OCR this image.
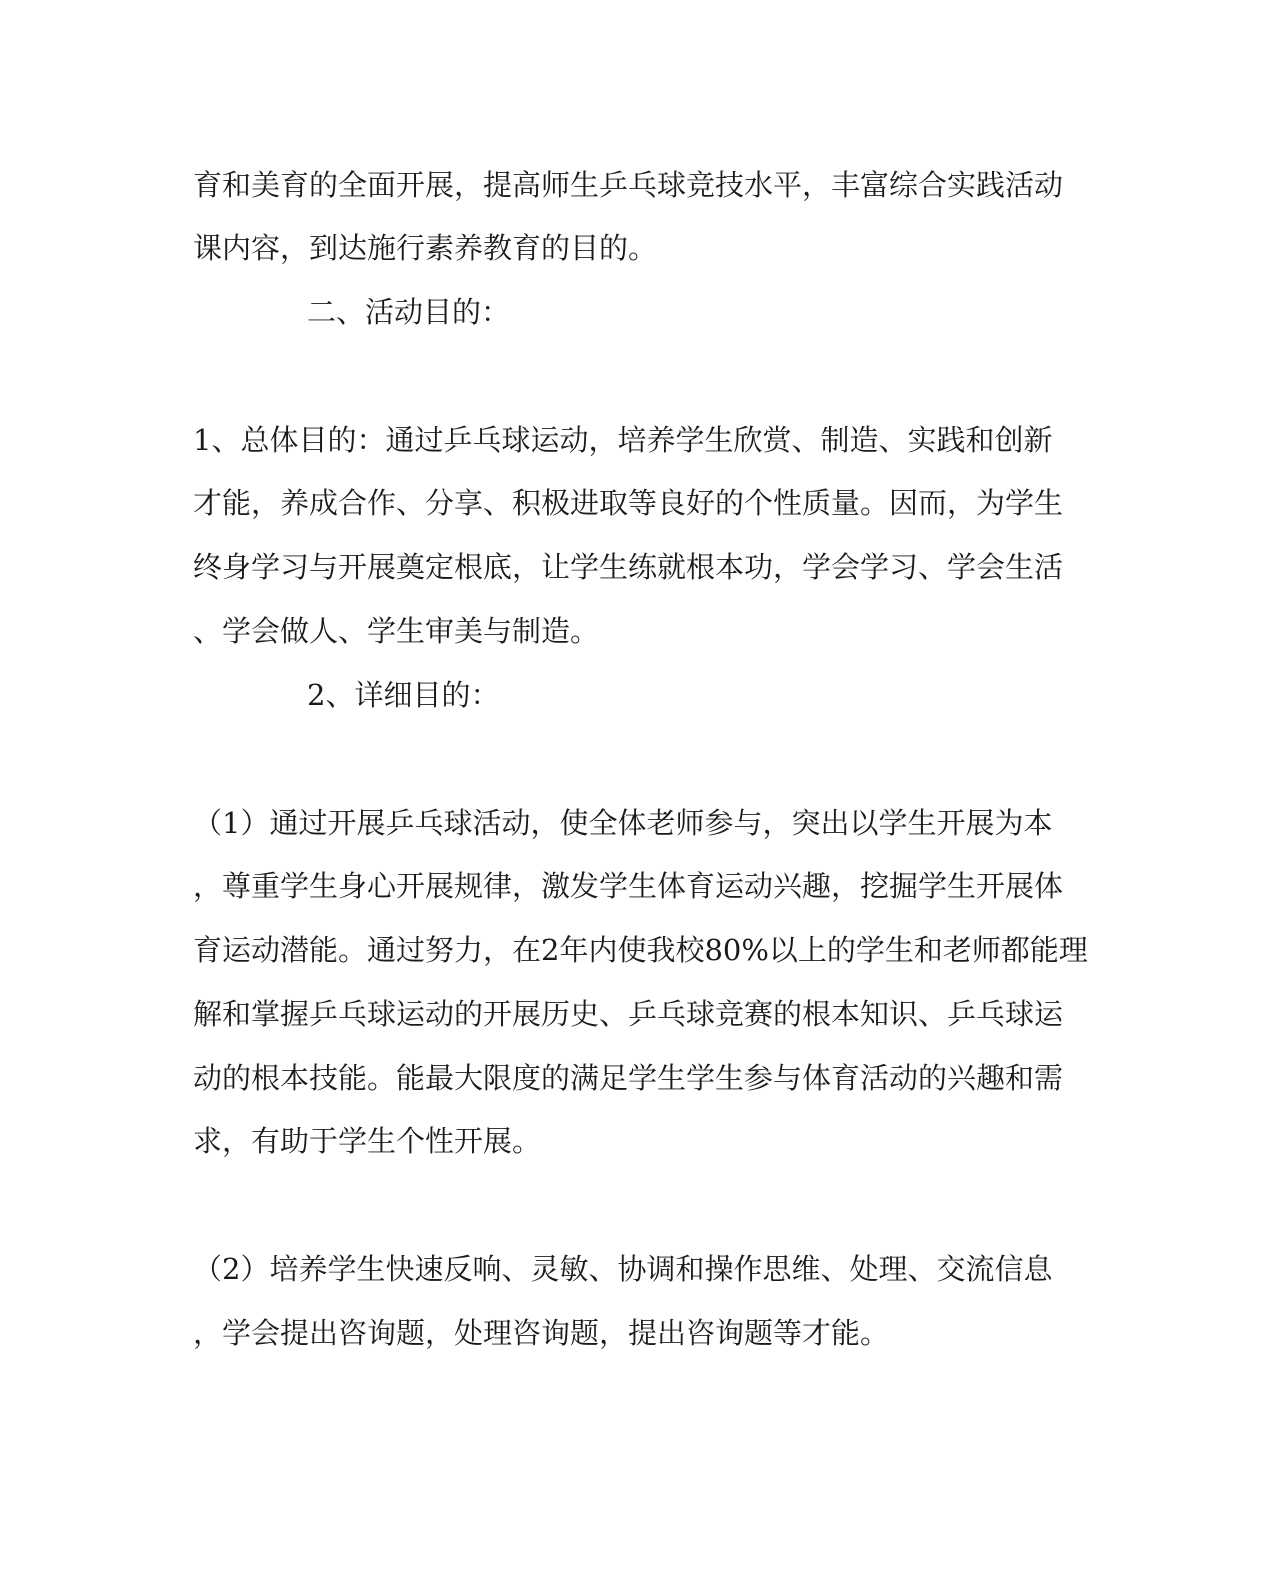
育和美育的全面开展，提高师生乒乓球竞技水平，丰富综合实践活动
课内容，到达施行素养教育的目的。
二、活动目的：
1、总体目的：通过乒乓球运动，培养学生欣赏、制造、实践和创新
才能，养成合作、分享、积极进取等良好的个性质量。因而，为学生
终身学习与开展奠定根底，让学生练就根本功，学会学习、学会生活
、学会做人、学生审美与制造。
2、详细目的：
（1）通过开展乒乓球活动，使全体老师参与，突出以学生开展为本
，尊重学生身心开展规律，激发学生体育运动兴趣，挖掘学生开展体
育运动潜能。通过努力，在2年内使我校80%以上的学生和老师都能理
解和掌握乒乓球运动的开展历史、乒乓球竞赛的根本知识、乒乓球运
动的根本技能。能最大限度的满足学生学生参与体育活动的兴趣和需
求，有助于学生个性开展。
（2）培养学生快速反响、灵敏、协调和操作思维、处理、交流信息
，学会提出咨询题，处理咨询题，提出咨询题等才能。
